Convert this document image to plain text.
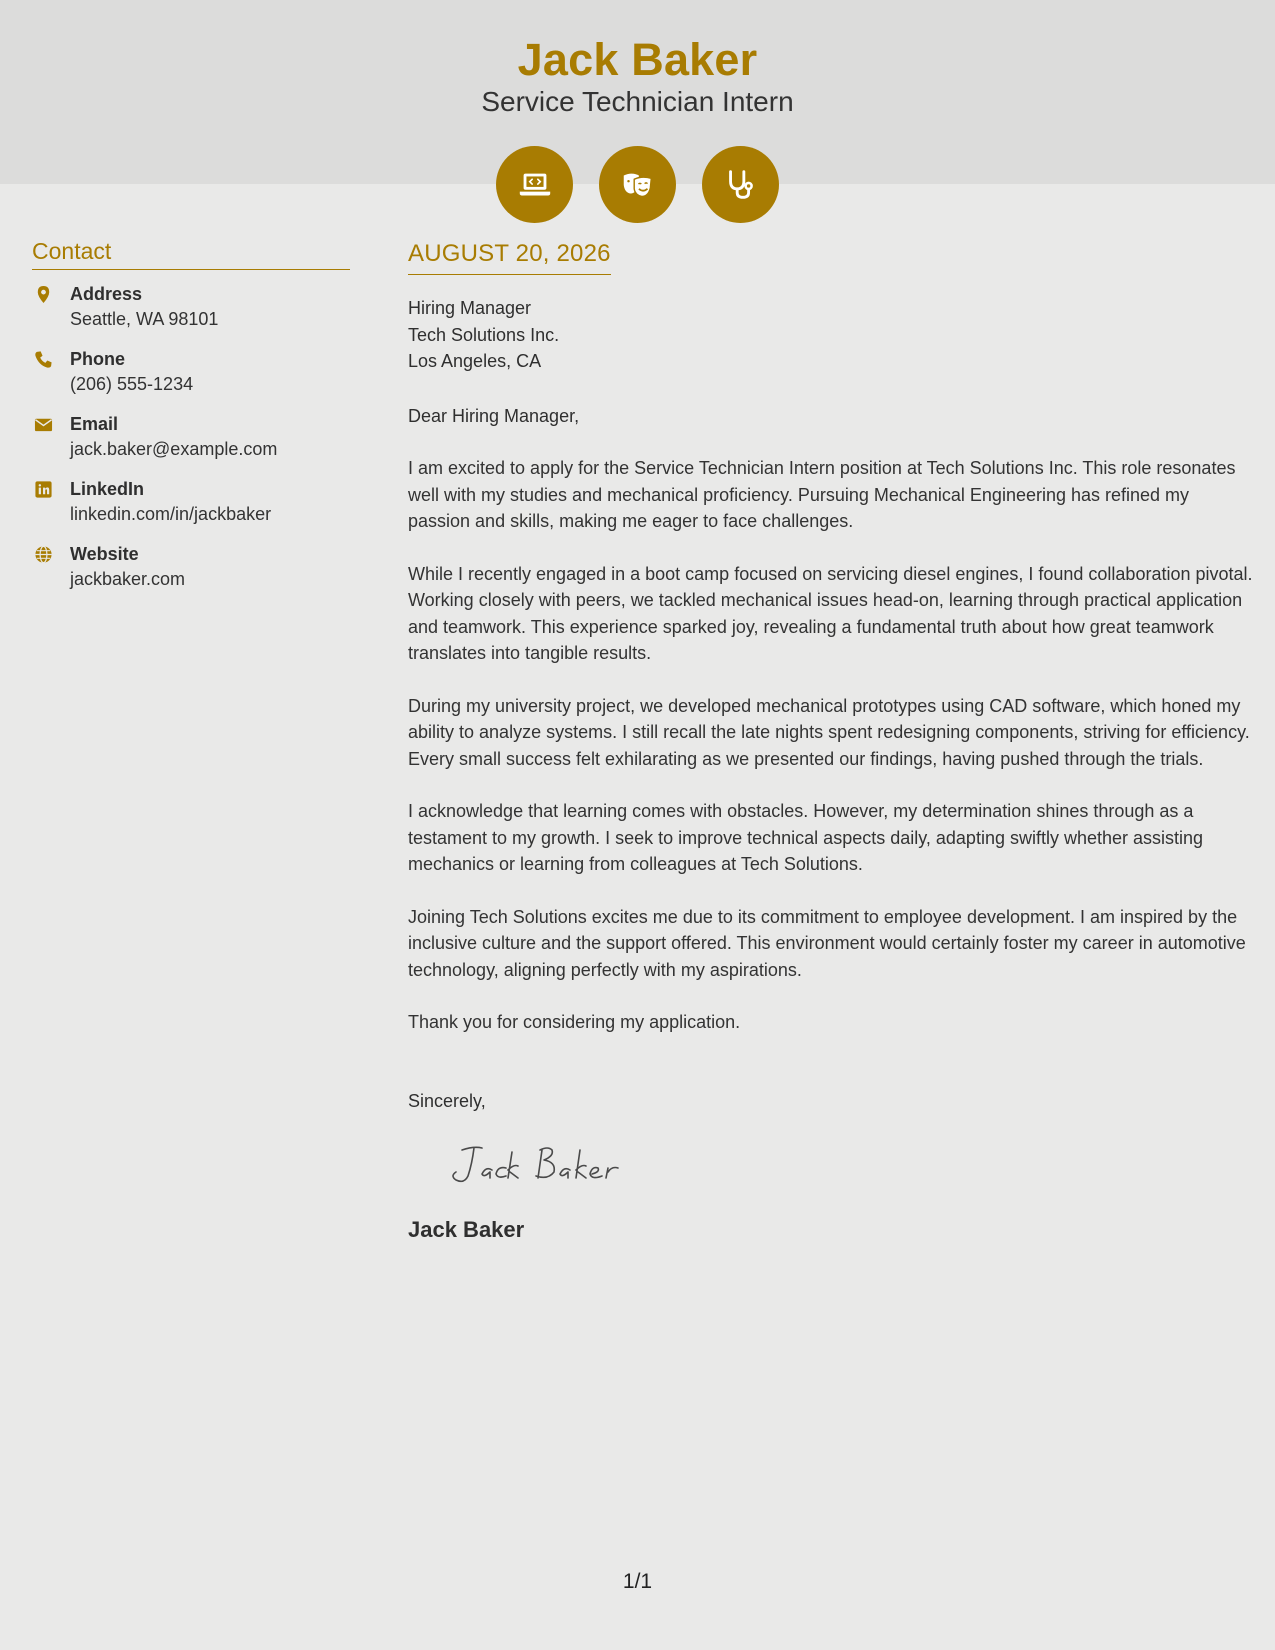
Jack Baker
Service Technician Intern
Contact
Address
Seattle, WA 98101
Phone
(206) 555-1234
Email
jack.baker@example.com
LinkedIn
linkedin.com/in/jackbaker
Website
jackbaker.com
AUGUST 20, 2026
Hiring Manager
Tech Solutions Inc.
Los Angeles, CA
Dear Hiring Manager,
I am excited to apply for the Service Technician Intern position at Tech Solutions Inc. This role resonates well with my studies and mechanical proficiency. Pursuing Mechanical Engineering has refined my passion and skills, making me eager to face challenges.
While I recently engaged in a boot camp focused on servicing diesel engines, I found collaboration pivotal. Working closely with peers, we tackled mechanical issues head-on, learning through practical application and teamwork. This experience sparked joy, revealing a fundamental truth about how great teamwork translates into tangible results.
During my university project, we developed mechanical prototypes using CAD software, which honed my ability to analyze systems. I still recall the late nights spent redesigning components, striving for efficiency. Every small success felt exhilarating as we presented our findings, having pushed through the trials.
I acknowledge that learning comes with obstacles. However, my determination shines through as a testament to my growth. I seek to improve technical aspects daily, adapting swiftly whether assisting mechanics or learning from colleagues at Tech Solutions.
Joining Tech Solutions excites me due to its commitment to employee development. I am inspired by the inclusive culture and the support offered. This environment would certainly foster my career in automotive technology, aligning perfectly with my aspirations.
Thank you for considering my application.
Sincerely,
Jack Baker
1/1
